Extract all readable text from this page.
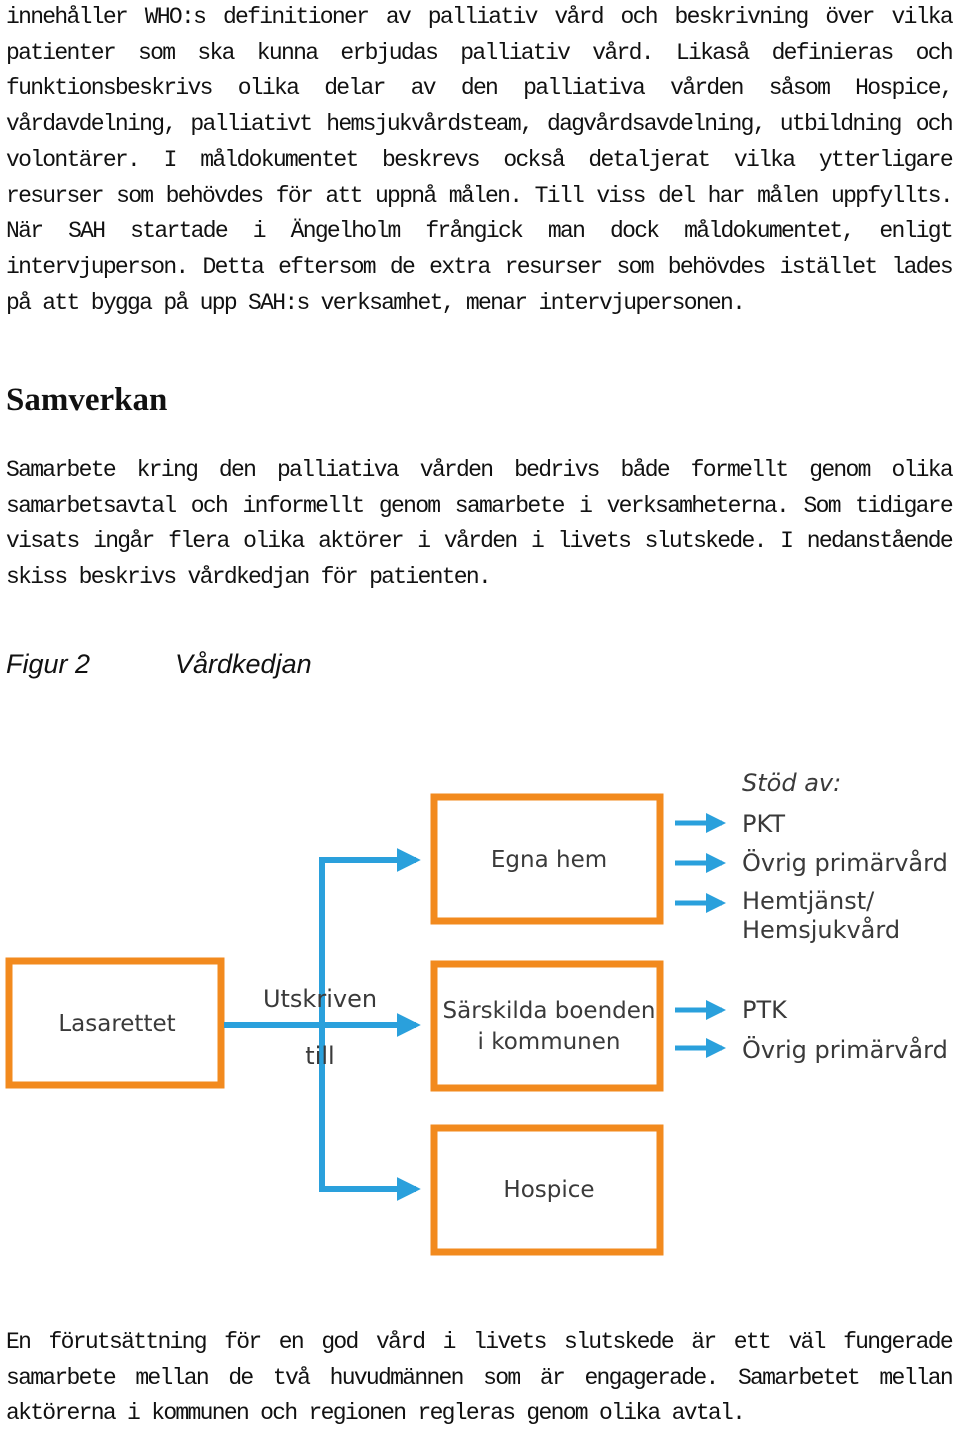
innehåller WHO:s definitioner av palliativ vård och beskrivning över vilka patienter som ska kunna erbjudas palliativ vård. Likaså definieras och funktionsbeskrivs olika delar av den palliativa vården såsom Hospice, vårdavdelning, palliativt hemsjukvårdsteam, dagvårdsavdelning, utbildning och volontärer. I måldokumentet beskrevs också detaljerat vilka ytterligare resurser som behövdes för att uppnå målen. Till viss del har målen uppfyllts. När SAH startade i Ängelholm frångick man dock måldokumentet, enligt intervjuperson. Detta eftersom de extra resurser som behövdes istället lades på att bygga på upp SAH:s verksamhet, menar intervjupersonen.

Samverkan

Samarbete kring den palliativa vården bedrivs både formellt genom olika samarbetsavtal och informellt genom samarbete i verksamheterna. Som tidigare visats ingår flera olika aktörer i vården i livets slutskede. I nedanstående skiss beskrivs vårdkedjan för patienten.

Figur 2	Vårdkedjan
Lasarettet
Egna hem
Särskilda boenden
i kommunen
Hospice
Utskriven
till
Stöd av:
PKT
Övrig primärvård
Hemtjänst/
Hemsjukvård
PTK
Övrig primärvård

En förutsättning för en god vård i livets slutskede är ett väl fungerade samarbete mellan de två huvudmännen som är engagerade. Samarbetet mellan aktörerna i kommunen och regionen regleras genom olika avtal.
